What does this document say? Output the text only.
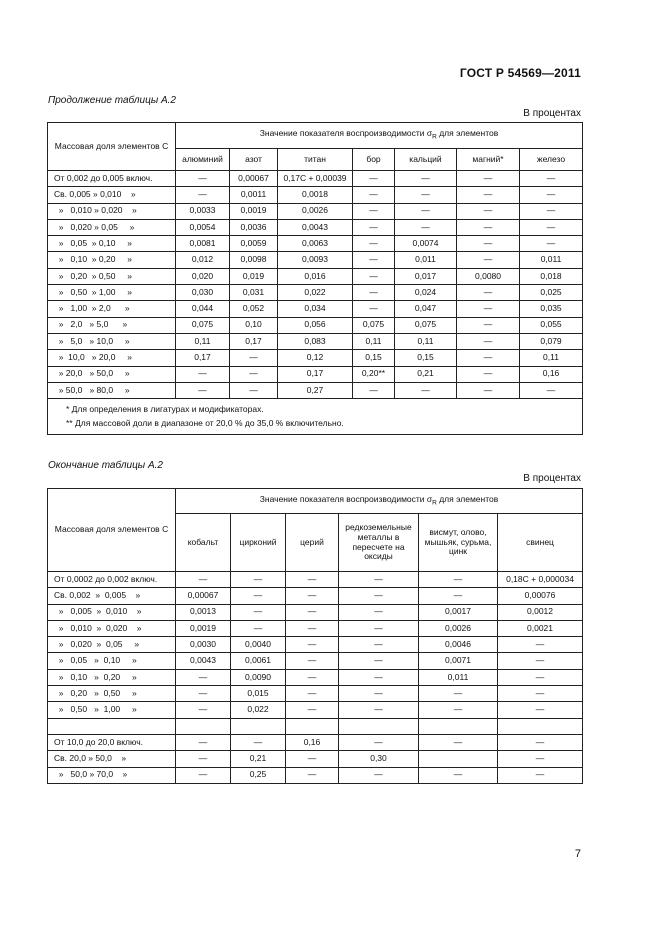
ГОСТ Р 54569—2011
Продолжение таблицы А.2
В процентах
Массовая доля элементов С	Значение показателя воспроизводимости $\sigma_R$ для элементов						
	алюминий	азот	титан	бор	кальций	магний*	железо
От 0,002 до 0,005 включ.	—	0,00067	0,17С + 0,00039	—	—	—	—
Св. 0,005 » 0,010    »	—	0,0011	0,0018	—	—	—	—
»   0,010 » 0,020    »	0,0033	0,0019	0,0026	—	—	—	—
»   0,020 » 0,05     »	0,0054	0,0036	0,0043	—	—	—	—
»   0,05  » 0,10     »	0,0081	0,0059	0,0063	—	0,0074	—	—
»   0,10  » 0,20     »	0,012	0,0098	0,0093	—	0,011	—	0,011
»   0,20  » 0,50     »	0,020	0,019	0,016	—	0,017	0,0080	0,018
»   0,50  » 1,00     »	0,030	0,031	0,022	—	0,024	—	0,025
»   1,00  » 2,0      »	0,044	0,052	0,034	—	0,047	—	0,035
»   2,0   » 5,0      »	0,075	0,10	0,056	0,075	0,075	—	0,055
»   5,0   » 10,0     »	0,11	0,17	0,083	0,11	0,11	—	0,079
»  10,0   » 20,0     »	0,17	—	0,12	0,15	0,15	—	0,11
» 20,0   » 50,0     »	—	—	0,17	0,20**	0,21	—	0,16
» 50,0   » 80,0     »	—	—	0,27	—	—	—	—

* Для определения в лигатурах и модификаторах.
** Для массовой доли в диапазоне от 20,0 % до 35,0 % включительно.							
Окончание таблицы А.2
В процентах
Массовая доля элементов С	Значение показателя воспроизводимости $\sigma_R$ для элементов					
	кобальт	цирконий	церий	редкоземельные металлы в пересчете на оксиды	висмут, олово, мышьяк, сурьма, цинк	свинец
От 0,0002 до 0,002 включ.	—	—	—	—	—	0,18С + 0,000034
Св. 0,002  »  0,005    »	0,00067	—	—	—	—	0,00076
»   0,005  »  0,010    »	0,0013	—	—	—	0,0017	0,0012
»   0,010  »  0,020    »	0,0019	—	—	—	0,0026	0,0021
»   0,020  »  0,05     »	0,0030	0,0040	—	—	0,0046	—
»   0,05   »  0,10     »	0,0043	0,0061	—	—	0,0071	—
»   0,10   »  0,20     »	—	0,0090	—	—	0,011	—
»   0,20   »  0,50     »	—	0,015	—	—	—	—
»   0,50   »  1,00     »	—	0,022	—	—	—	—

От 10,0 до 20,0 включ.	—	—	0,16	—	—	—
Св. 20,0 » 50,0    »	—	0,21	—	0,30		—
»   50,0 » 70,0    »	—	0,25	—	—	—	—
7
